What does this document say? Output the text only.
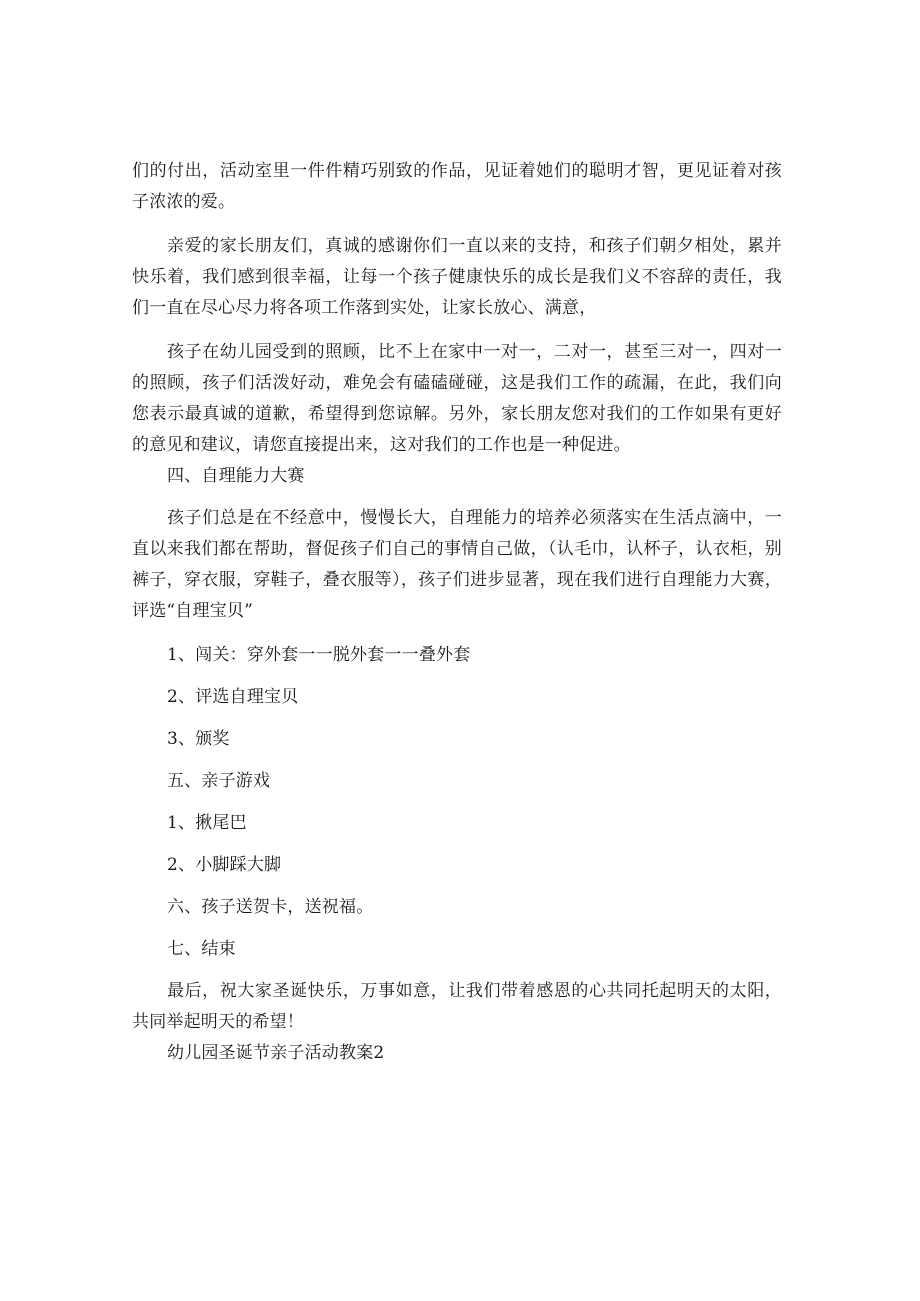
们的付出，活动室里一件件精巧别致的作品，见证着她们的聪明才智，更见证着对孩子浓浓的爱。

亲爱的家长朋友们，真诚的感谢你们一直以来的支持，和孩子们朝夕相处，累并快乐着，我们感到很幸福，让每一个孩子健康快乐的成长是我们义不容辞的责任，我们一直在尽心尽力将各项工作落到实处，让家长放心、满意，

孩子在幼儿园受到的照顾，比不上在家中一对一，二对一，甚至三对一，四对一的照顾，孩子们活泼好动，难免会有磕磕碰碰，这是我们工作的疏漏，在此，我们向您表示最真诚的道歉，希望得到您谅解。另外，家长朋友您对我们的工作如果有更好的意见和建议，请您直接提出来，这对我们的工作也是一种促进。

四、自理能力大赛

孩子们总是在不经意中，慢慢长大，自理能力的培养必须落实在生活点滴中，一直以来我们都在帮助，督促孩子们自己的事情自己做，（认毛巾，认杯子，认衣柜，别裤子，穿衣服，穿鞋子，叠衣服等），孩子们进步显著，现在我们进行自理能力大赛，评选“自理宝贝”

1、闯关：穿外套一一脱外套一一叠外套

2、评选自理宝贝

3、颁奖

五、亲子游戏

1、揪尾巴

2、小脚踩大脚

六、孩子送贺卡，送祝福。

七、结束

最后，祝大家圣诞快乐，万事如意，让我们带着感恩的心共同托起明天的太阳，共同举起明天的希望！

幼儿园圣诞节亲子活动教案2
